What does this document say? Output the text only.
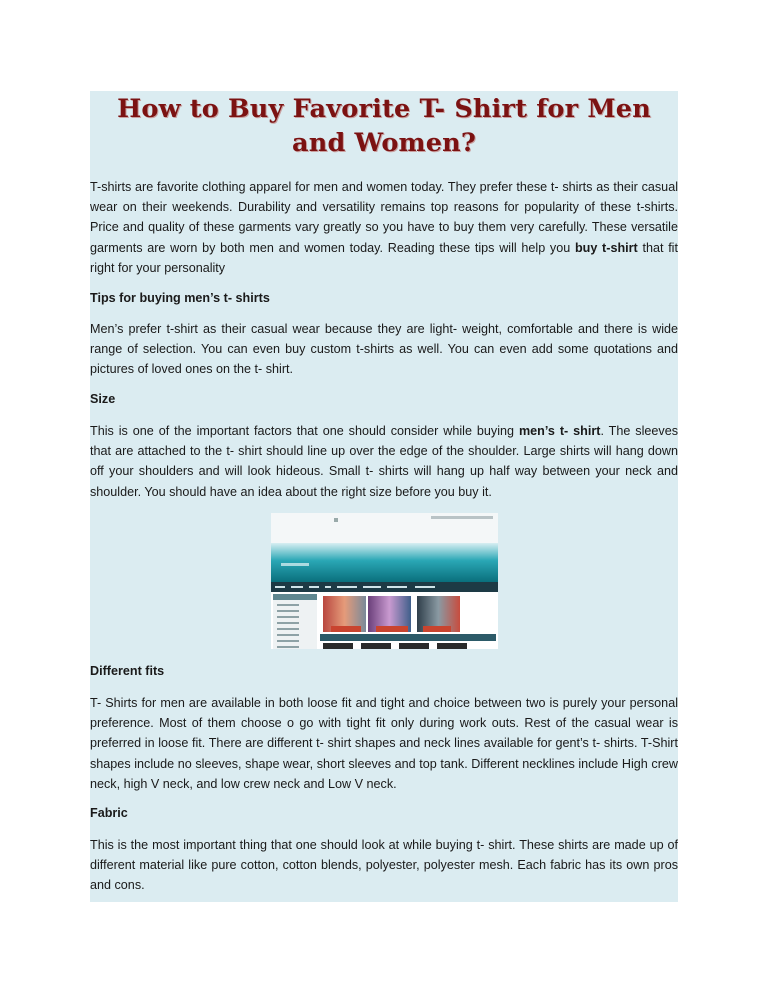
How to Buy Favorite T- Shirt for Men and Women?

T-shirts are favorite clothing apparel for men and women today. They prefer these t- shirts as their casual wear on their weekends. Durability and versatility remains top reasons for popularity of these t-shirts. Price and quality of these garments vary greatly so you have to buy them very carefully. These versatile garments are worn by both men and women today. Reading these tips will help you buy t-shirt that fit right for your personality

Tips for buying men’s t- shirts

Men’s prefer t-shirt as their casual wear because they are light- weight, comfortable and there is wide range of selection. You can even buy custom t-shirts as well. You can even add some quotations and pictures of loved ones on the t- shirt.

Size

This is one of the important factors that one should consider while buying men’s t- shirt. The sleeves that are attached to the t- shirt should line up over the edge of the shoulder. Large shirts will hang down off your shoulders and will look hideous. Small t- shirts will hang up half way between your neck and shoulder. You should have an idea about the right size before you buy it.

Different fits

T- Shirts for men are available in both loose fit and tight and choice between two is purely your personal preference. Most of them choose o go with tight fit only during work outs. Rest of the casual wear is preferred in loose fit. There are different t- shirt shapes and neck lines available for gent’s t- shirts. T-Shirt shapes include no sleeves, shape wear, short sleeves and top tank. Different necklines include High crew neck, high V neck, and low crew neck and Low V neck.

Fabric

This is the most important thing that one should look at while buying t- shirt. These shirts are made up of different material like pure cotton, cotton blends, polyester, polyester mesh. Each fabric has its own pros and cons.
